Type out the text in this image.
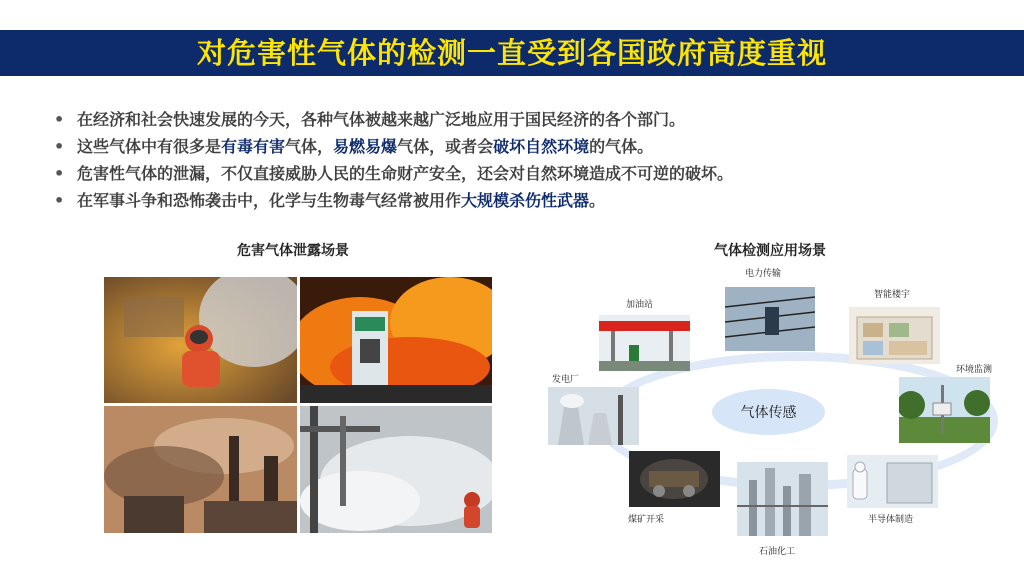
对危害性气体的检测一直受到各国政府高度重视
• 在经济和社会快速发展的今天，各种气体被越来越广泛地应用于国民经济的各个部门。
• 这些气体中有很多是有毒有害气体，易燃易爆气体，或者会破坏自然环境的气体。
• 危害性气体的泄漏，不仅直接威胁人民的生命财产安全，还会对自然环境造成不可逆的破坏。
• 在军事斗争和恐怖袭击中，化学与生物毒气经常被用作大规模杀伤性武器。
危害气体泄露场景	气体检测应用场景
气体传感
电力传输
加油站
智能楼宇
环境监测
发电厂
煤矿开采
石油化工
半导体制造
